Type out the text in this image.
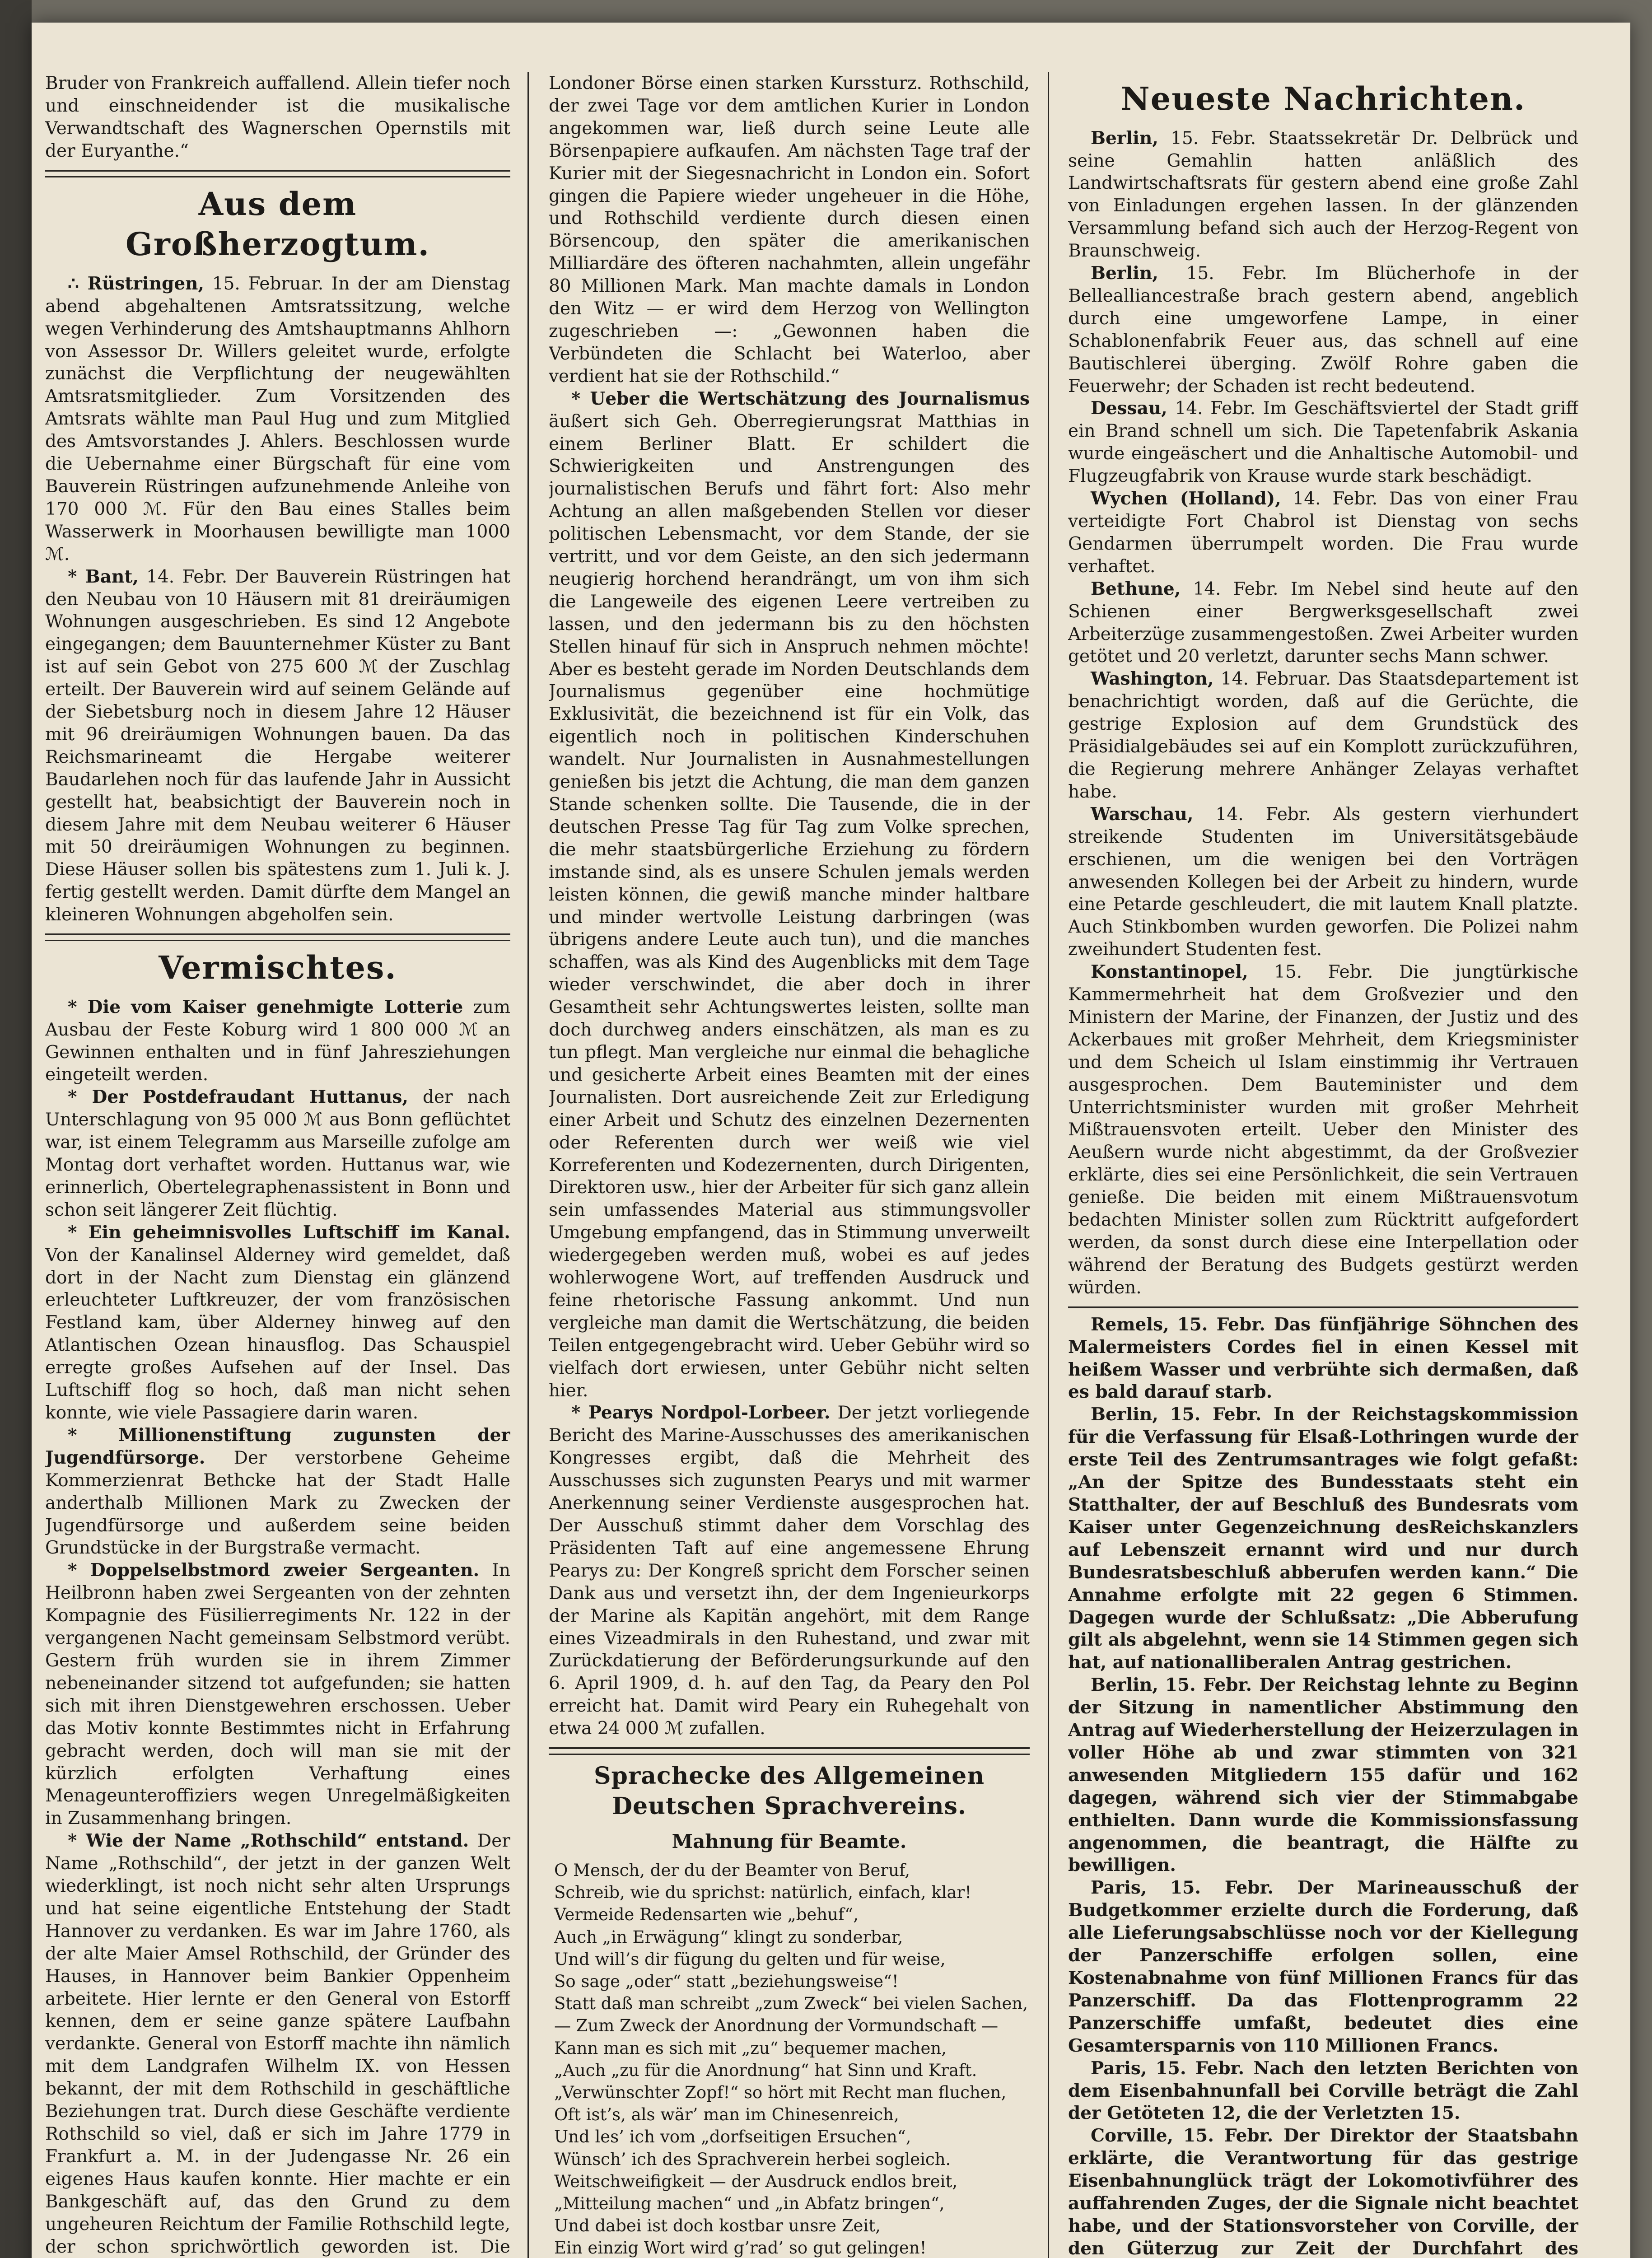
Bruder von Frankreich auffallend. Allein tiefer noch und einschneidender ist die musikalische Verwandtschaft des Wagnerschen Opernstils mit der Euryanthe.“

Aus dem Großherzogtum.

∴ Rüstringen, 15. Februar. In der am Dienstag abend abgehaltenen Amtsratssitzung, welche wegen Verhinderung des Amtshauptmanns Ahlhorn von Assessor Dr. Willers geleitet wurde, erfolgte zunächst die Verpflichtung der neugewählten Amtsratsmitglieder. Zum Vorsitzenden des Amtsrats wählte man Paul Hug und zum Mitglied des Amtsvorstandes J. Ahlers. Beschlossen wurde die Uebernahme einer Bürgschaft für eine vom Bauverein Rüstringen aufzunehmende Anleihe von 170 000 ℳ. Für den Bau eines Stalles beim Wasserwerk in Moorhausen bewilligte man 1000 ℳ.

* Bant, 14. Febr. Der Bauverein Rüstringen hat den Neubau von 10 Häusern mit 81 dreiräumigen Wohnungen ausgeschrieben. Es sind 12 Angebote eingegangen; dem Bauunternehmer Küster zu Bant ist auf sein Gebot von 275 600 ℳ der Zuschlag erteilt. Der Bauverein wird auf seinem Gelände auf der Siebetsburg noch in diesem Jahre 12 Häuser mit 96 dreiräumigen Wohnungen bauen. Da das Reichsmarineamt die Hergabe weiterer Baudarlehen noch für das laufende Jahr in Aussicht gestellt hat, beabsichtigt der Bauverein noch in diesem Jahre mit dem Neubau weiterer 6 Häuser mit 50 dreiräumigen Wohnungen zu beginnen. Diese Häuser sollen bis spätestens zum 1. Juli k. J. fertig gestellt werden. Damit dürfte dem Mangel an kleineren Wohnungen abgeholfen sein.

Vermischtes.

* Die vom Kaiser genehmigte Lotterie zum Ausbau der Feste Koburg wird 1 800 000 ℳ an Gewinnen enthalten und in fünf Jahresziehungen eingeteilt werden.

* Der Postdefraudant Huttanus, der nach Unterschlagung von 95 000 ℳ aus Bonn geflüchtet war, ist einem Telegramm aus Marseille zufolge am Montag dort verhaftet worden. Huttanus war, wie erinnerlich, Obertelegraphenassistent in Bonn und schon seit längerer Zeit flüchtig.

* Ein geheimnisvolles Luftschiff im Kanal. Von der Kanalinsel Alderney wird gemeldet, daß dort in der Nacht zum Dienstag ein glänzend erleuchteter Luftkreuzer, der vom französischen Festland kam, über Alderney hinweg auf den Atlantischen Ozean hinausflog. Das Schauspiel erregte großes Aufsehen auf der Insel. Das Luftschiff flog so hoch, daß man nicht sehen konnte, wie viele Passagiere darin waren.

* Millionenstiftung zugunsten der Jugendfürsorge. Der verstorbene Geheime Kommerzienrat Bethcke hat der Stadt Halle anderthalb Millionen Mark zu Zwecken der Jugendfürsorge und außerdem seine beiden Grundstücke in der Burgstraße vermacht.

* Doppelselbstmord zweier Sergeanten. In Heilbronn haben zwei Sergeanten von der zehnten Kompagnie des Füsilierregiments Nr. 122 in der vergangenen Nacht gemeinsam Selbstmord verübt. Gestern früh wurden sie in ihrem Zimmer nebeneinander sitzend tot aufgefunden; sie hatten sich mit ihren Dienstgewehren erschossen. Ueber das Motiv konnte Bestimmtes nicht in Erfahrung gebracht werden, doch will man sie mit der kürzlich erfolgten Verhaftung eines Menageunteroffiziers wegen Unregelmäßigkeiten in Zusammenhang bringen.

* Wie der Name „Rothschild“ entstand. Der Name „Rothschild“, der jetzt in der ganzen Welt wiederklingt, ist noch nicht sehr alten Ursprungs und hat seine eigentliche Entstehung der Stadt Hannover zu verdanken. Es war im Jahre 1760, als der alte Maier Amsel Rothschild, der Gründer des Hauses, in Hannover beim Bankier Oppenheim arbeitete. Hier lernte er den General von Estorff kennen, dem er seine ganze spätere Laufbahn verdankte. General von Estorff machte ihn nämlich mit dem Landgrafen Wilhelm IX. von Hessen bekannt, der mit dem Rothschild in geschäftliche Beziehungen trat. Durch diese Geschäfte verdiente Rothschild so viel, daß er sich im Jahre 1779 in Frankfurt a. M. in der Judengasse Nr. 26 ein eigenes Haus kaufen konnte. Hier machte er ein Bankgeschäft auf, das den Grund zu dem ungeheuren Reichtum der Familie Rothschild legte, der schon sprichwörtlich geworden ist. Die

Londoner Börse einen starken Kurssturz. Rothschild, der zwei Tage vor dem amtlichen Kurier in London angekommen war, ließ durch seine Leute alle Börsenpapiere aufkaufen. Am nächsten Tage traf der Kurier mit der Siegesnachricht in London ein. Sofort gingen die Papiere wieder ungeheuer in die Höhe, und Rothschild verdiente durch diesen einen Börsencoup, den später die amerikanischen Milliardäre des öfteren nachahmten, allein ungefähr 80 Millionen Mark. Man machte damals in London den Witz — er wird dem Herzog von Wellington zugeschrieben —: „Gewonnen haben die Verbündeten die Schlacht bei Waterloo, aber verdient hat sie der Rothschild.“

* Ueber die Wertschätzung des Journalismus äußert sich Geh. Oberregierungsrat Matthias in einem Berliner Blatt. Er schildert die Schwierigkeiten und Anstrengungen des journalistischen Berufs und fährt fort: Also mehr Achtung an allen maßgebenden Stellen vor dieser politischen Lebensmacht, vor dem Stande, der sie vertritt, und vor dem Geiste, an den sich jedermann neugierig horchend herandrängt, um von ihm sich die Langeweile des eigenen Leere vertreiben zu lassen, und den jedermann bis zu den höchsten Stellen hinauf für sich in Anspruch nehmen möchte! Aber es besteht gerade im Norden Deutschlands dem Journalismus gegenüber eine hochmütige Exklusivität, die bezeichnend ist für ein Volk, das eigentlich noch in politischen Kinderschuhen wandelt. Nur Journalisten in Ausnahmestellungen genießen bis jetzt die Achtung, die man dem ganzen Stande schenken sollte. Die Tausende, die in der deutschen Presse Tag für Tag zum Volke sprechen, die mehr staatsbürgerliche Erziehung zu fördern imstande sind, als es unsere Schulen jemals werden leisten können, die gewiß manche minder haltbare und minder wertvolle Leistung darbringen (was übrigens andere Leute auch tun), und die manches schaffen, was als Kind des Augenblicks mit dem Tage wieder verschwindet, die aber doch in ihrer Gesamtheit sehr Achtungswertes leisten, sollte man doch durchweg anders einschätzen, als man es zu tun pflegt. Man vergleiche nur einmal die behagliche und gesicherte Arbeit eines Beamten mit der eines Journalisten. Dort ausreichende Zeit zur Erledigung einer Arbeit und Schutz des einzelnen Dezernenten oder Referenten durch wer weiß wie viel Korreferenten und Kodezernenten, durch Dirigenten, Direktoren usw., hier der Arbeiter für sich ganz allein sein umfassendes Material aus stimmungsvoller Umgebung empfangend, das in Stimmung unverweilt wiedergegeben werden muß, wobei es auf jedes wohlerwogene Wort, auf treffenden Ausdruck und feine rhetorische Fassung ankommt. Und nun vergleiche man damit die Wertschätzung, die beiden Teilen entgegengebracht wird. Ueber Gebühr wird so vielfach dort erwiesen, unter Gebühr nicht selten hier.

* Pearys Nordpol-Lorbeer. Der jetzt vorliegende Bericht des Marine-Ausschusses des amerikanischen Kongresses ergibt, daß die Mehrheit des Ausschusses sich zugunsten Pearys und mit warmer Anerkennung seiner Verdienste ausgesprochen hat. Der Ausschuß stimmt daher dem Vorschlag des Präsidenten Taft auf eine angemessene Ehrung Pearys zu: Der Kongreß spricht dem Forscher seinen Dank aus und versetzt ihn, der dem Ingenieurkorps der Marine als Kapitän angehört, mit dem Range eines Vizeadmirals in den Ruhestand, und zwar mit Zurückdatierung der Beförderungsurkunde auf den 6. April 1909, d. h. auf den Tag, da Peary den Pol erreicht hat. Damit wird Peary ein Ruhegehalt von etwa 24 000 ℳ zufallen.

Sprachecke des Allgemeinen Deutschen Sprachvereins.
Mahnung für Beamte.
O Mensch, der du der Beamter von Beruf,
Schreib, wie du sprichst: natürlich, einfach, klar!
Vermeide Redensarten wie „behuf“,
Auch „in Erwägung“ klingt zu sonderbar,
Und will’s dir fügung du gelten und für weise,
So sage „oder“ statt „beziehungsweise“!
Statt daß man schreibt „zum Zweck“ bei vielen Sachen,
— Zum Zweck der Anordnung der Vormundschaft —
Kann man es sich mit „zu“ bequemer machen,
„Auch „zu für die Anordnung“ hat Sinn und Kraft.
„Verwünschter Zopf!“ so hört mit Recht man fluchen,
Oft ist’s, als wär’ man im Chinesenreich,
Und les’ ich vom „dorfseitigen Ersuchen“,
Wünsch’ ich des Sprachverein herbei sogleich.
Weitschweifigkeit — der Ausdruck endlos breit,
„Mitteilung machen“ und „in Abfatz bringen“,
Und dabei ist doch kostbar unsre Zeit,
Ein einzig Wort wird g’rad’ so gut gelingen!
Neueste Nachrichten.

Berlin, 15. Febr. Staatssekretär Dr. Delbrück und seine Gemahlin hatten anläßlich des Landwirtschaftsrats für gestern abend eine große Zahl von Einladungen ergehen lassen. In der glänzenden Versammlung befand sich auch der Herzog-Regent von Braunschweig.

Berlin, 15. Febr. Im Blücherhofe in der Bellealliancestraße brach gestern abend, angeblich durch eine umgeworfene Lampe, in einer Schablonenfabrik Feuer aus, das schnell auf eine Bautischlerei überging. Zwölf Rohre gaben die Feuerwehr; der Schaden ist recht bedeutend.

Dessau, 14. Febr. Im Geschäftsviertel der Stadt griff ein Brand schnell um sich. Die Tapetenfabrik Askania wurde eingeäschert und die Anhaltische Automobil- und Flugzeugfabrik von Krause wurde stark beschädigt.

Wychen (Holland), 14. Febr. Das von einer Frau verteidigte Fort Chabrol ist Dienstag von sechs Gendarmen überrumpelt worden. Die Frau wurde verhaftet.

Bethune, 14. Febr. Im Nebel sind heute auf den Schienen einer Bergwerksgesellschaft zwei Arbeiterzüge zusammengestoßen. Zwei Arbeiter wurden getötet und 20 verletzt, darunter sechs Mann schwer.

Washington, 14. Februar. Das Staatsdepartement ist benachrichtigt worden, daß auf die Gerüchte, die gestrige Explosion auf dem Grundstück des Präsidialgebäudes sei auf ein Komplott zurückzuführen, die Regierung mehrere Anhänger Zelayas verhaftet habe.

Warschau, 14. Febr. Als gestern vierhundert streikende Studenten im Universitätsgebäude erschienen, um die wenigen bei den Vorträgen anwesenden Kollegen bei der Arbeit zu hindern, wurde eine Petarde geschleudert, die mit lautem Knall platzte. Auch Stinkbomben wurden geworfen. Die Polizei nahm zweihundert Studenten fest.

Konstantinopel, 15. Febr. Die jungtürkische Kammermehrheit hat dem Großvezier und den Ministern der Marine, der Finanzen, der Justiz und des Ackerbaues mit großer Mehrheit, dem Kriegsminister und dem Scheich ul Islam einstimmig ihr Vertrauen ausgesprochen. Dem Bauteminister und dem Unterrichtsminister wurden mit großer Mehrheit Mißtrauensvoten erteilt. Ueber den Minister des Aeußern wurde nicht abgestimmt, da der Großvezier erklärte, dies sei eine Persönlichkeit, die sein Vertrauen genieße. Die beiden mit einem Mißtrauensvotum bedachten Minister sollen zum Rücktritt aufgefordert werden, da sonst durch diese eine Interpellation oder während der Beratung des Budgets gestürzt werden würden.

Remels, 15. Febr. Das fünfjährige Söhnchen des Malermeisters Cordes fiel in einen Kessel mit heißem Wasser und verbrühte sich dermaßen, daß es bald darauf starb.

Berlin, 15. Febr. In der Reichstagskommission für die Verfassung für Elsaß-Lothringen wurde der erste Teil des Zentrumsantrages wie folgt gefaßt: „An der Spitze des Bundesstaats steht ein Statthalter, der auf Beschluß des Bundesrats vom Kaiser unter Gegenzeichnung desReichskanzlers auf Lebenszeit ernannt wird und nur durch Bundesratsbeschluß abberufen werden kann.“ Die Annahme erfolgte mit 22 gegen 6 Stimmen. Dagegen wurde der Schlußsatz: „Die Abberufung gilt als abgelehnt, wenn sie 14 Stimmen gegen sich hat, auf nationalliberalen Antrag gestrichen.

Berlin, 15. Febr. Der Reichstag lehnte zu Beginn der Sitzung in namentlicher Abstimmung den Antrag auf Wiederherstellung der Heizerzulagen in voller Höhe ab und zwar stimmten von 321 anwesenden Mitgliedern 155 dafür und 162 dagegen, während sich vier der Stimmabgabe enthielten. Dann wurde die Kommissionsfassung angenommen, die beantragt, die Hälfte zu bewilligen.

Paris, 15. Febr. Der Marineausschuß der Budgetkommer erzielte durch die Forderung, daß alle Lieferungsabschlüsse noch vor der Kiellegung der Panzerschiffe erfolgen sollen, eine Kostenabnahme von fünf Millionen Francs für das Panzerschiff. Da das Flottenprogramm 22 Panzerschiffe umfaßt, bedeutet dies eine Gesamtersparnis von 110 Millionen Francs.

Paris, 15. Febr. Nach den letzten Berichten von dem Eisenbahnunfall bei Corville beträgt die Zahl der Getöteten 12, die der Verletzten 15.

Corville, 15. Febr. Der Direktor der Staatsbahn erklärte, die Verantwortung für das gestrige Eisenbahnunglück trägt der Lokomotivführer des auffahrenden Zuges, der die Signale nicht beachtet habe, und der Stationsvorsteher von Corville, der den Güterzug zur Zeit der Durchfahrt des
